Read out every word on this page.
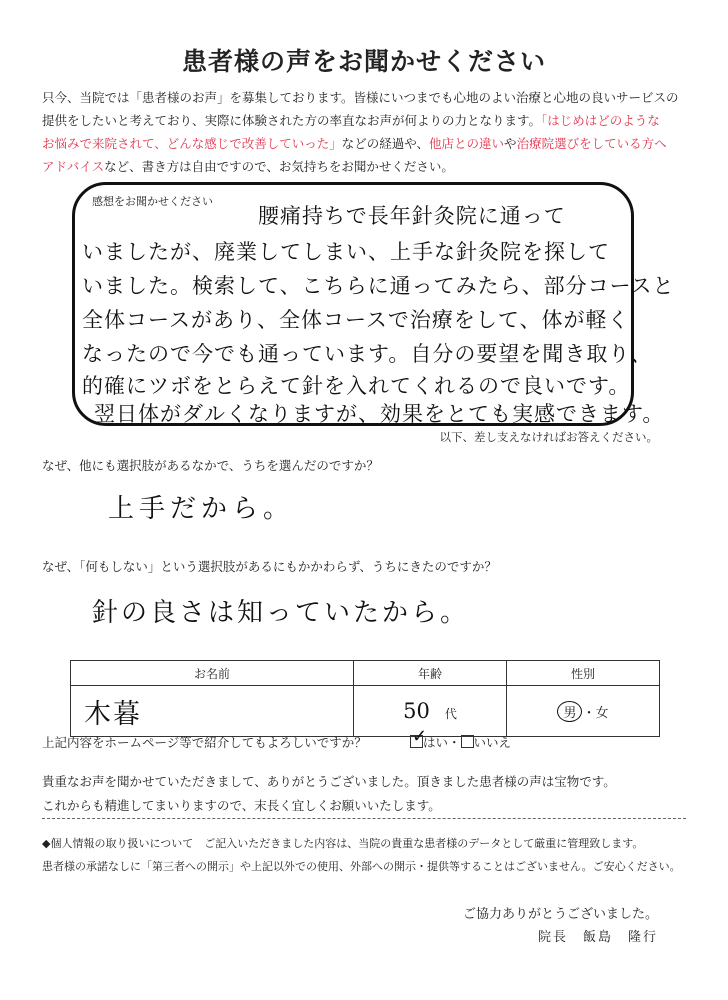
患者様の声をお聞かせください
只今、当院では「患者様のお声」を募集しております。皆様にいつまでも心地のよい治療と心地の良いサービスの
提供をしたいと考えており、実際に体験された方の率直なお声が何よりの力となります。「はじめはどのような
お悩みで来院されて、どんな感じで改善していった」などの経過や、他店との違いや治療院選びをしている方へ
アドバイスなど、書き方は自由ですので、お気持ちをお聞かせください。
感想をお聞かせください
腰痛持ちで長年針灸院に通って
いましたが、廃業してしまい、上手な針灸院を探して
いました。検索して、こちらに通ってみたら、部分コースと
全体コースがあり、全体コースで治療をして、体が軽く
なったので今でも通っています。自分の要望を聞き取り、
的確にツボをとらえて針を入れてくれるので良いです。
翌日体がダルくなりますが、効果をとても実感できます。
以下、差し支えなければお答えください。
なぜ、他にも選択肢があるなかで、うちを選んだのですか？
上手だから。
なぜ、「何もしない」という選択肢があるにもかかわらず、うちにきたのですか？
針の良さは知っていたから。
お名前	年齢	性別
木暮	50 代	男 ・女
上記内容をホームページ等で紹介してもよろしいですか？	✓
はい・ いいえ
貴重なお声を聞かせていただきまして、ありがとうございました。頂きました患者様の声は宝物です。
これからも精進してまいりますので、末長く宜しくお願いいたします。
◆個人情報の取り扱いについて　ご記入いただきました内容は、当院の貴重な患者様のデータとして厳重に管理致します。
患者様の承諾なしに「第三者への開示」や上記以外での使用、外部への開示・提供等することはございません。ご安心ください。
ご協力ありがとうございました。
院長　飯島　隆行
